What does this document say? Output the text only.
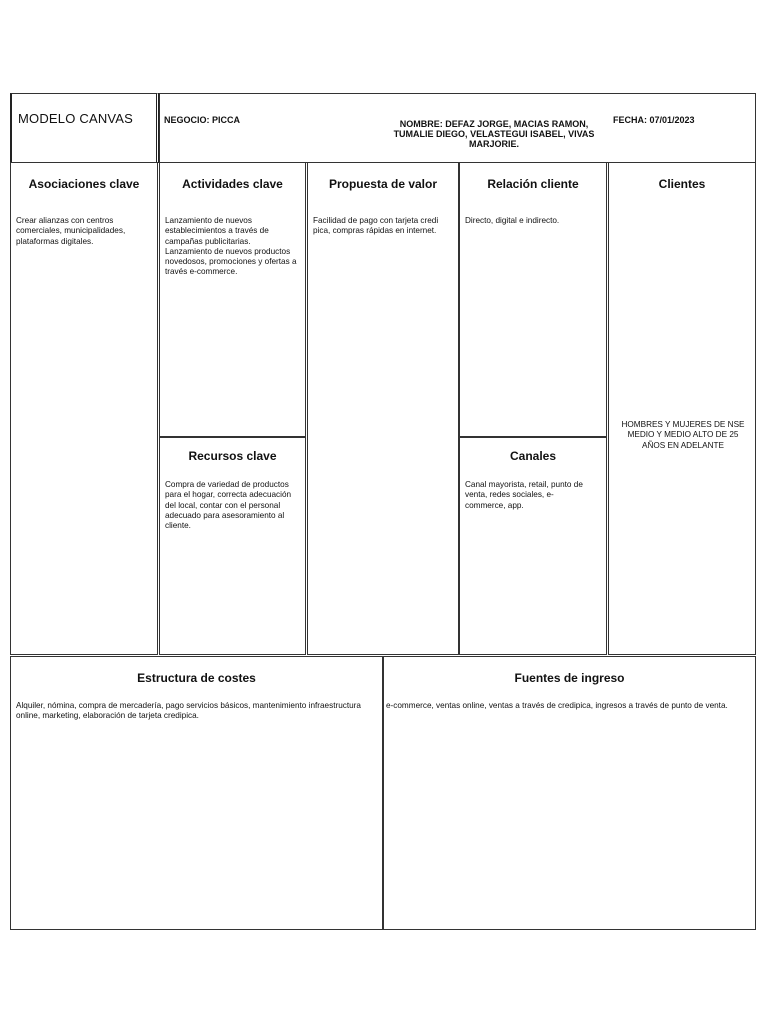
MODELO CANVAS	NEGOCIO: PICCA	NOMBRE: DEFAZ JORGE, MACIAS RAMON, TUMALIE DIEGO, VELASTEGUI ISABEL, VIVAS MARJORIE.
FECHA: 07/01/2023
Asociaciones clave
Crear alianzas con centros comerciales, municipalidades, plataformas digitales.
Actividades clave
Lanzamiento de nuevos establecimientos a través de campañas publicitarias. Lanzamiento de nuevos productos novedosos, promociones y ofertas a través e-commerce.
Recursos clave
Compra de variedad de productos para el hogar, correcta adecuación del local, contar con el personal adecuado para asesoramiento al cliente.
Propuesta de valor
Facilidad de pago con tarjeta credi pica, compras rápidas en internet.
Relación cliente
Directo, digital e indirecto.
Canales
Canal mayorista, retail, punto de venta, redes sociales, e-commerce, app.
Clientes
HOMBRES Y MUJERES DE NSE MEDIO Y MEDIO ALTO DE 25 AÑOS EN ADELANTE
Estructura de costes
Alquiler, nómina, compra de mercadería, pago servicios básicos, mantenimiento infraestructura online, marketing, elaboración de tarjeta credipica.
Fuentes de ingreso
e-commerce, ventas online, ventas a través de credipica, ingresos a través de punto de venta.
